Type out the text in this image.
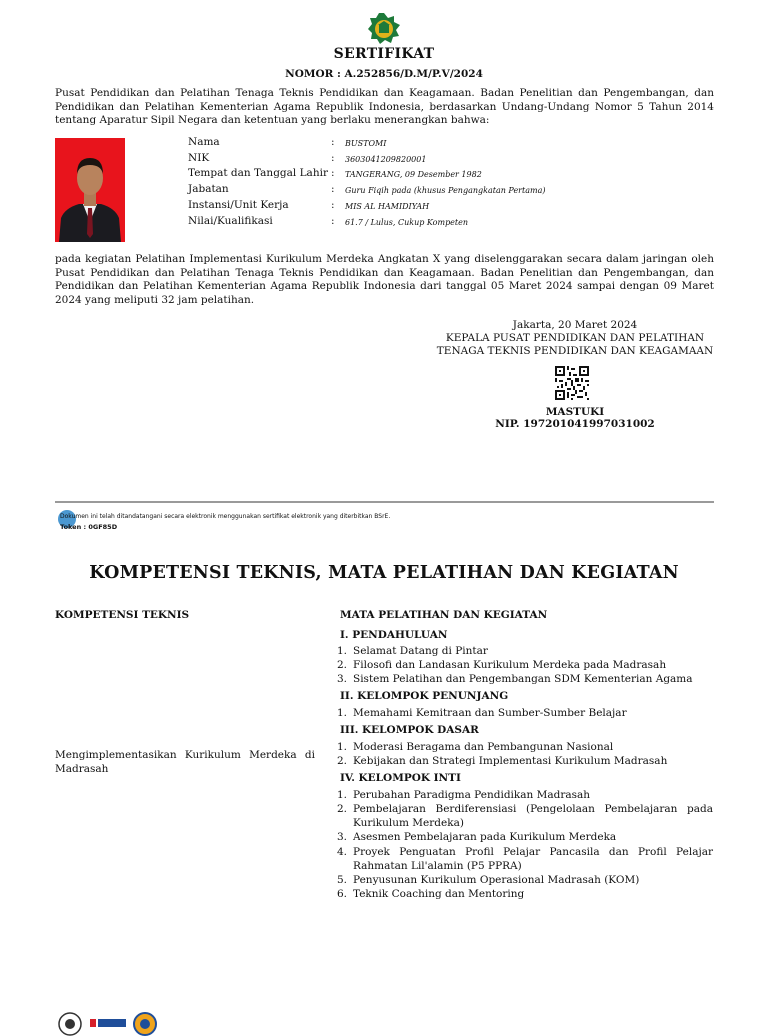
SERTIFIKAT
NOMOR : A.252856/D.M/P.V/2024
Pusat Pendidikan dan Pelatihan Tenaga Teknis Pendidikan dan Keagamaan. Badan Penelitian dan Pengembangan, dan Pendidikan dan Pelatihan Kementerian Agama Republik Indonesia, berdasarkan Undang-Undang Nomor 5 Tahun 2014 tentang Aparatur Sipil Negara dan ketentuan yang berlaku menerangkan bahwa:
Nama
NIK
Tempat dan Tanggal Lahir
Jabatan
Instansi/Unit Kerja
Nilai/Kualifikasi
:
:
:
:
:
:
BUSTOMI
3603041209820001
TANGERANG, 09 Desember 1982
Guru Fiqih pada (khusus Pengangkatan Pertama)
MIS AL HAMIDIYAH
61.7 / Lulus, Cukup Kompeten
pada kegiatan Pelatihan Implementasi Kurikulum Merdeka Angkatan X yang diselenggarakan secara dalam jaringan oleh Pusat Pendidikan dan Pelatihan Tenaga Teknis Pendidikan dan Keagamaan. Badan Penelitian dan Pengembangan, dan Pendidikan dan Pelatihan Kementerian Agama Republik Indonesia dari tanggal 05 Maret 2024 sampai dengan 09 Maret 2024 yang meliputi 32 jam pelatihan.
Jakarta, 20 Maret 2024
KEPALA PUSAT PENDIDIKAN DAN PELATIHAN
TENAGA TEKNIS PENDIDIKAN DAN KEAGAMAAN
MASTUKI
NIP. 197201041997031002
Dokumen ini telah ditandatangani secara elektronik menggunakan sertifikat elektronik yang diterbitkan BSrE.
Token : 0GF85D
KOMPETENSI TEKNIS, MATA PELATIHAN DAN KEGIATAN
KOMPETENSI TEKNIS	MATA PELATIHAN DAN KEGIATAN
Mengimplementasikan Kurikulum Merdeka di Madrasah
I. PENDAHULUAN
1. Selamat Datang di Pintar
2. Filosofi dan Landasan Kurikulum Merdeka pada Madrasah
3. Sistem Pelatihan dan Pengembangan SDM Kementerian Agama
II. KELOMPOK PENUNJANG
1. Memahami Kemitraan dan Sumber-Sumber Belajar
III. KELOMPOK DASAR
1. Moderasi Beragama dan Pembangunan Nasional
2. Kebijakan dan Strategi Implementasi Kurikulum Madrasah
IV. KELOMPOK INTI
1. Perubahan Paradigma Pendidikan Madrasah
2. Pembelajaran Berdiferensiasi (Pengelolaan Pembelajaran pada Kurikulum Merdeka)
3. Asesmen Pembelajaran pada Kurikulum Merdeka
4. Proyek Penguatan Profil Pelajar Pancasila dan Profil Pelajar Rahmatan Lil'alamin (P5 PPRA)
5. Penyusunan Kurikulum Operasional Madrasah (KOM)
6. Teknik Coaching dan Mentoring
